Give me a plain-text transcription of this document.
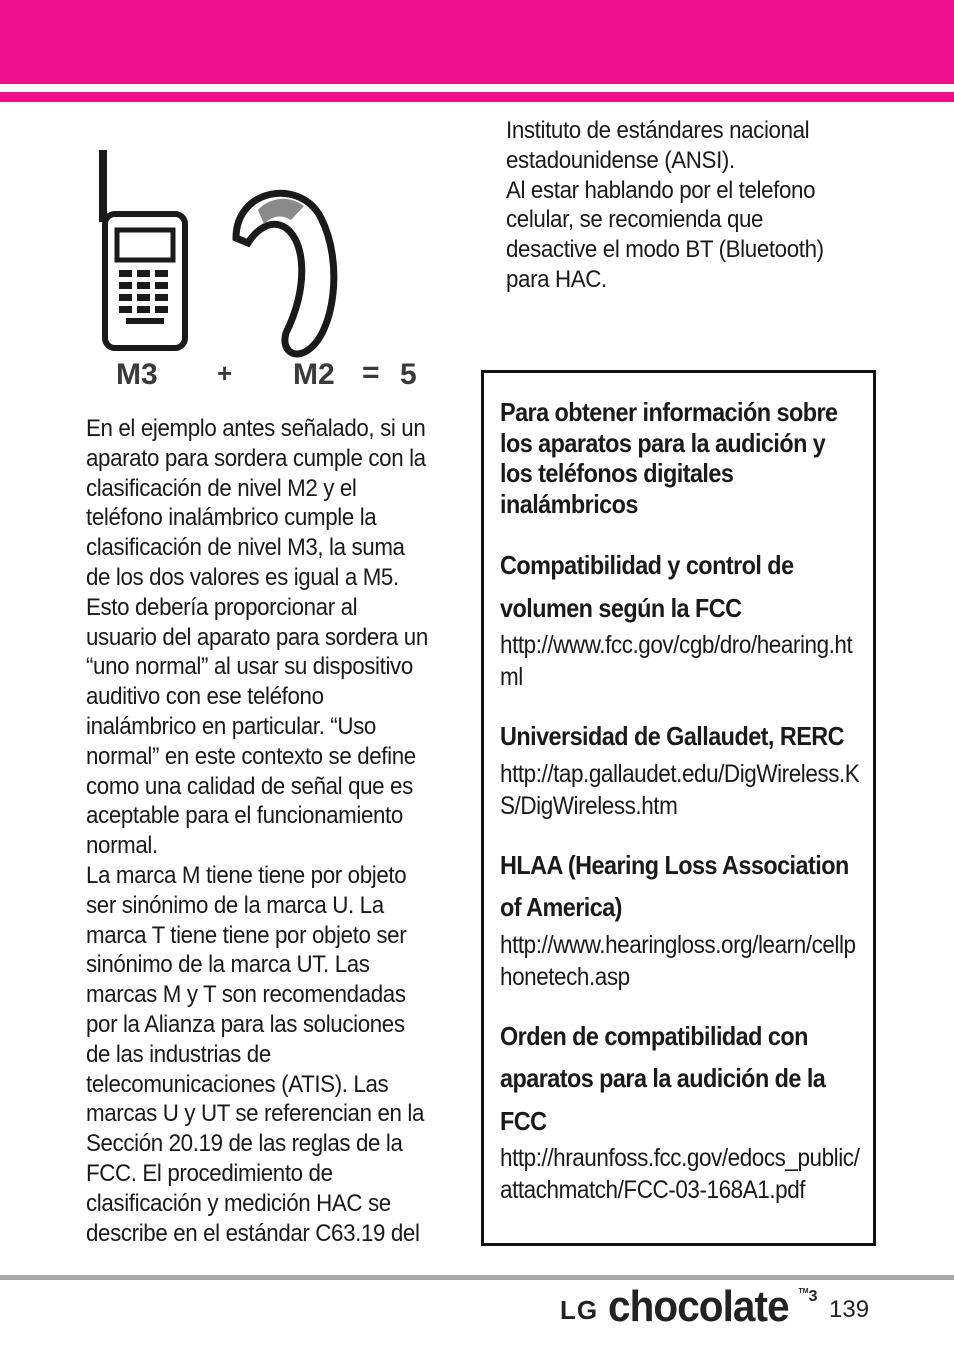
M3 + M2 = 5

En el ejemplo antes señalado, si un aparato para sordera cumple con la clasificación de nivel M2 y el teléfono inalámbrico cumple la clasificación de nivel M3, la suma de los dos valores es igual a M5. Esto debería proporcionar al usuario del aparato para sordera un “uno normal” al usar su dispositivo auditivo con ese teléfono inalámbrico en particular. “Uso normal” en este contexto se define como una calidad de señal que es aceptable para el funcionamiento normal.

La marca M tiene tiene por objeto ser sinónimo de la marca U. La marca T tiene tiene por objeto ser sinónimo de la marca UT. Las marcas M y T son recomendadas por la Alianza para las soluciones de las industrias de telecomunicaciones (ATIS). Las marcas U y UT se referencian en la Sección 20.19 de las reglas de la FCC. El procedimiento de clasificación y medición HAC se describe en el estándar C63.19 del

Instituto de estándares nacional estadounidense (ANSI).

Al estar hablando por el telefono celular, se recomienda que desactive el modo BT (Bluetooth) para HAC.

Para obtener información sobre los aparatos para la audición y los teléfonos digitales inalámbricos

Compatibilidad y control de volumen según la FCC

http://www.fcc.gov/cgb/dro/hearing.html

Universidad de Gallaudet, RERC

http://tap.gallaudet.edu/DigWireless.KS/DigWireless.htm

HLAA (Hearing Loss Association of America)

http://www.hearingloss.org/learn/cellphonetech.asp

Orden de compatibilidad con aparatos para la audición de la FCC

http://hraunfoss.fcc.gov/edocs_public/attachmatch/FCC-03-168A1.pdf

LG chocolate ™3 139
